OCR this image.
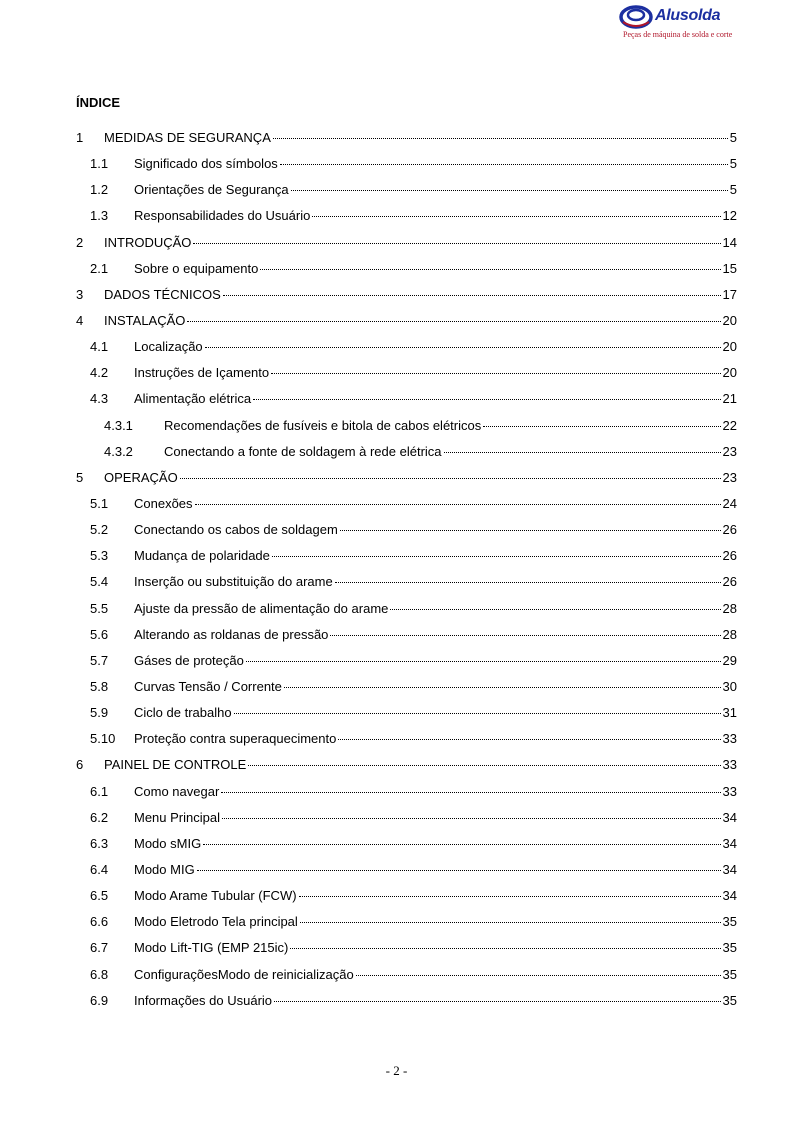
Alusolda
Peças de máquina de solda e corte
ÍNDICE
1 MEDIDAS DE SEGURANÇA	5
1.1 Significado dos símbolos	5
1.2 Orientações de Segurança	5
1.3 Responsabilidades do Usuário	12
2 INTRODUÇÃO	14
2.1 Sobre o equipamento	15
3 DADOS TÉCNICOS	17
4 INSTALAÇÃO	20
4.1 Localização	20
4.2 Instruções de Içamento	20
4.3 Alimentação elétrica	21
4.3.1 Recomendações de fusíveis e bitola de cabos elétricos	22
4.3.2 Conectando a fonte de soldagem à rede elétrica	23
5 OPERAÇÃO	23
5.1 Conexões	24
5.2 Conectando os cabos de soldagem	26
5.3 Mudança de polaridade	26
5.4 Inserção ou substituição do arame	26
5.5 Ajuste da pressão de alimentação do arame	28
5.6 Alterando as roldanas de pressão	28
5.7 Gáses de proteção	29
5.8 Curvas Tensão / Corrente	30
5.9 Ciclo de trabalho	31
5.10 Proteção contra superaquecimento	33
6 PAINEL DE CONTROLE	33
6.1 Como navegar	33
6.2 Menu Principal	34
6.3 Modo sMIG	34
6.4 Modo MIG	34
6.5 Modo Arame Tubular (FCW)	34
6.6 Modo Eletrodo Tela principal	35
6.7 Modo Lift-TIG (EMP 215ic)	35
6.8 ConfiguraçõesModo de reinicialização	35
6.9 Informações do Usuário	35
- 2 -
